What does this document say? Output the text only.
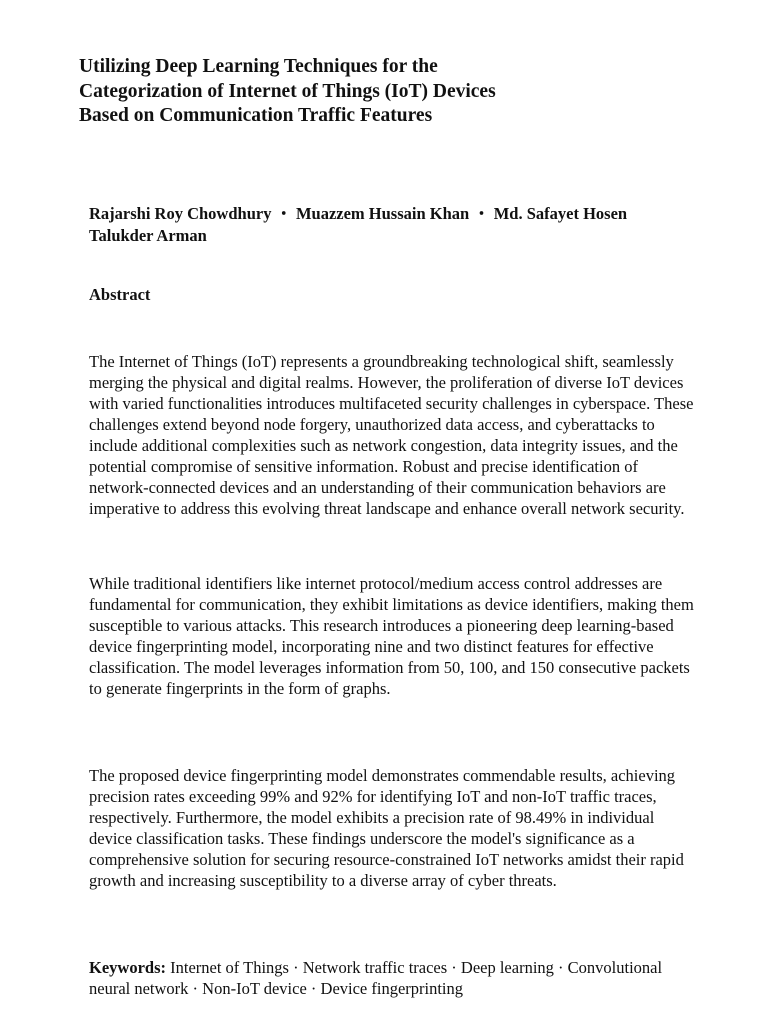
Utilizing Deep Learning Techniques for the Categorization of Internet of Things (IoT) Devices Based on Communication Traffic Features

Rajarshi Roy Chowdhury ・ Muazzem Hussain Khan ・ Md. Safayet Hosen Talukder Arman

Abstract

The Internet of Things (IoT) represents a groundbreaking technological shift, seamlessly merging the physical and digital realms. However, the proliferation of diverse IoT devices with varied functionalities introduces multifaceted security challenges in cyberspace. These challenges extend beyond node forgery, unauthorized data access, and cyberattacks to include additional complexities such as network congestion, data integrity issues, and the potential compromise of sensitive information. Robust and precise identification of network-connected devices and an understanding of their communication behaviors are imperative to address this evolving threat landscape and enhance overall network security.

While traditional identifiers like internet protocol/medium access control addresses are fundamental for communication, they exhibit limitations as device identifiers, making them susceptible to various attacks. This research introduces a pioneering deep learning-based device fingerprinting model, incorporating nine and two distinct features for effective classification. The model leverages information from 50, 100, and 150 consecutive packets to generate fingerprints in the form of graphs.

The proposed device fingerprinting model demonstrates commendable results, achieving precision rates exceeding 99% and 92% for identifying IoT and non-IoT traffic traces, respectively. Furthermore, the model exhibits a precision rate of 98.49% in individual device classification tasks. These findings underscore the model's significance as a comprehensive solution for securing resource-constrained IoT networks amidst their rapid growth and increasing susceptibility to a diverse array of cyber threats.

Keywords: Internet of Things · Network traffic traces · Deep learning · Convolutional neural network · Non-IoT device · Device fingerprinting
